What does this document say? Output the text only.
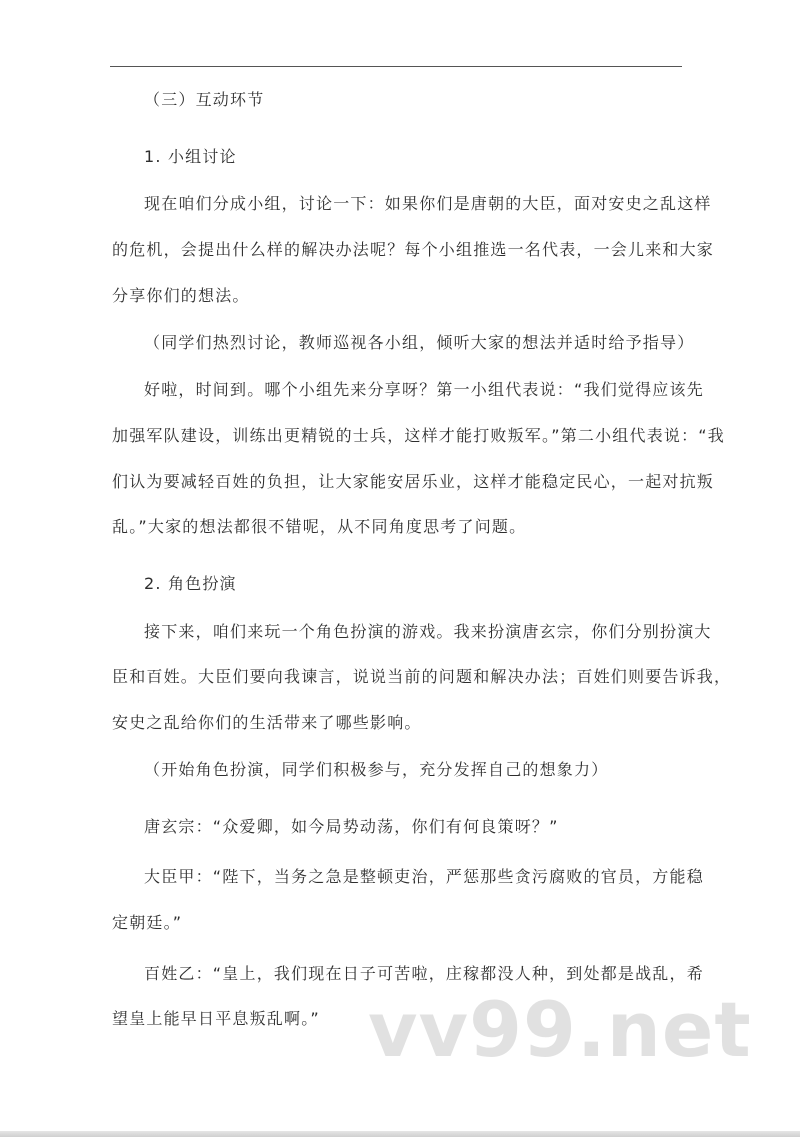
（三）互动环节
1. 小组讨论
现在咱们分成小组，讨论一下：如果你们是唐朝的大臣，面对安史之乱这样
的危机，会提出什么样的解决办法呢？每个小组推选一名代表，一会儿来和大家
分享你们的想法。
（同学们热烈讨论，教师巡视各小组，倾听大家的想法并适时给予指导）
好啦，时间到。哪个小组先来分享呀？第一小组代表说：“我们觉得应该先
加强军队建设，训练出更精锐的士兵，这样才能打败叛军。”第二小组代表说：“我
们认为要减轻百姓的负担，让大家能安居乐业，这样才能稳定民心，一起对抗叛
乱。”大家的想法都很不错呢，从不同角度思考了问题。
2. 角色扮演
接下来，咱们来玩一个角色扮演的游戏。我来扮演唐玄宗，你们分别扮演大
臣和百姓。大臣们要向我谏言，说说当前的问题和解决办法；百姓们则要告诉我，
安史之乱给你们的生活带来了哪些影响。
（开始角色扮演，同学们积极参与，充分发挥自己的想象力）
唐玄宗：“众爱卿，如今局势动荡，你们有何良策呀？”
大臣甲：“陛下，当务之急是整顿吏治，严惩那些贪污腐败的官员，方能稳
定朝廷。”
百姓乙：“皇上，我们现在日子可苦啦，庄稼都没人种，到处都是战乱，希
望皇上能早日平息叛乱啊。” vv99.net
